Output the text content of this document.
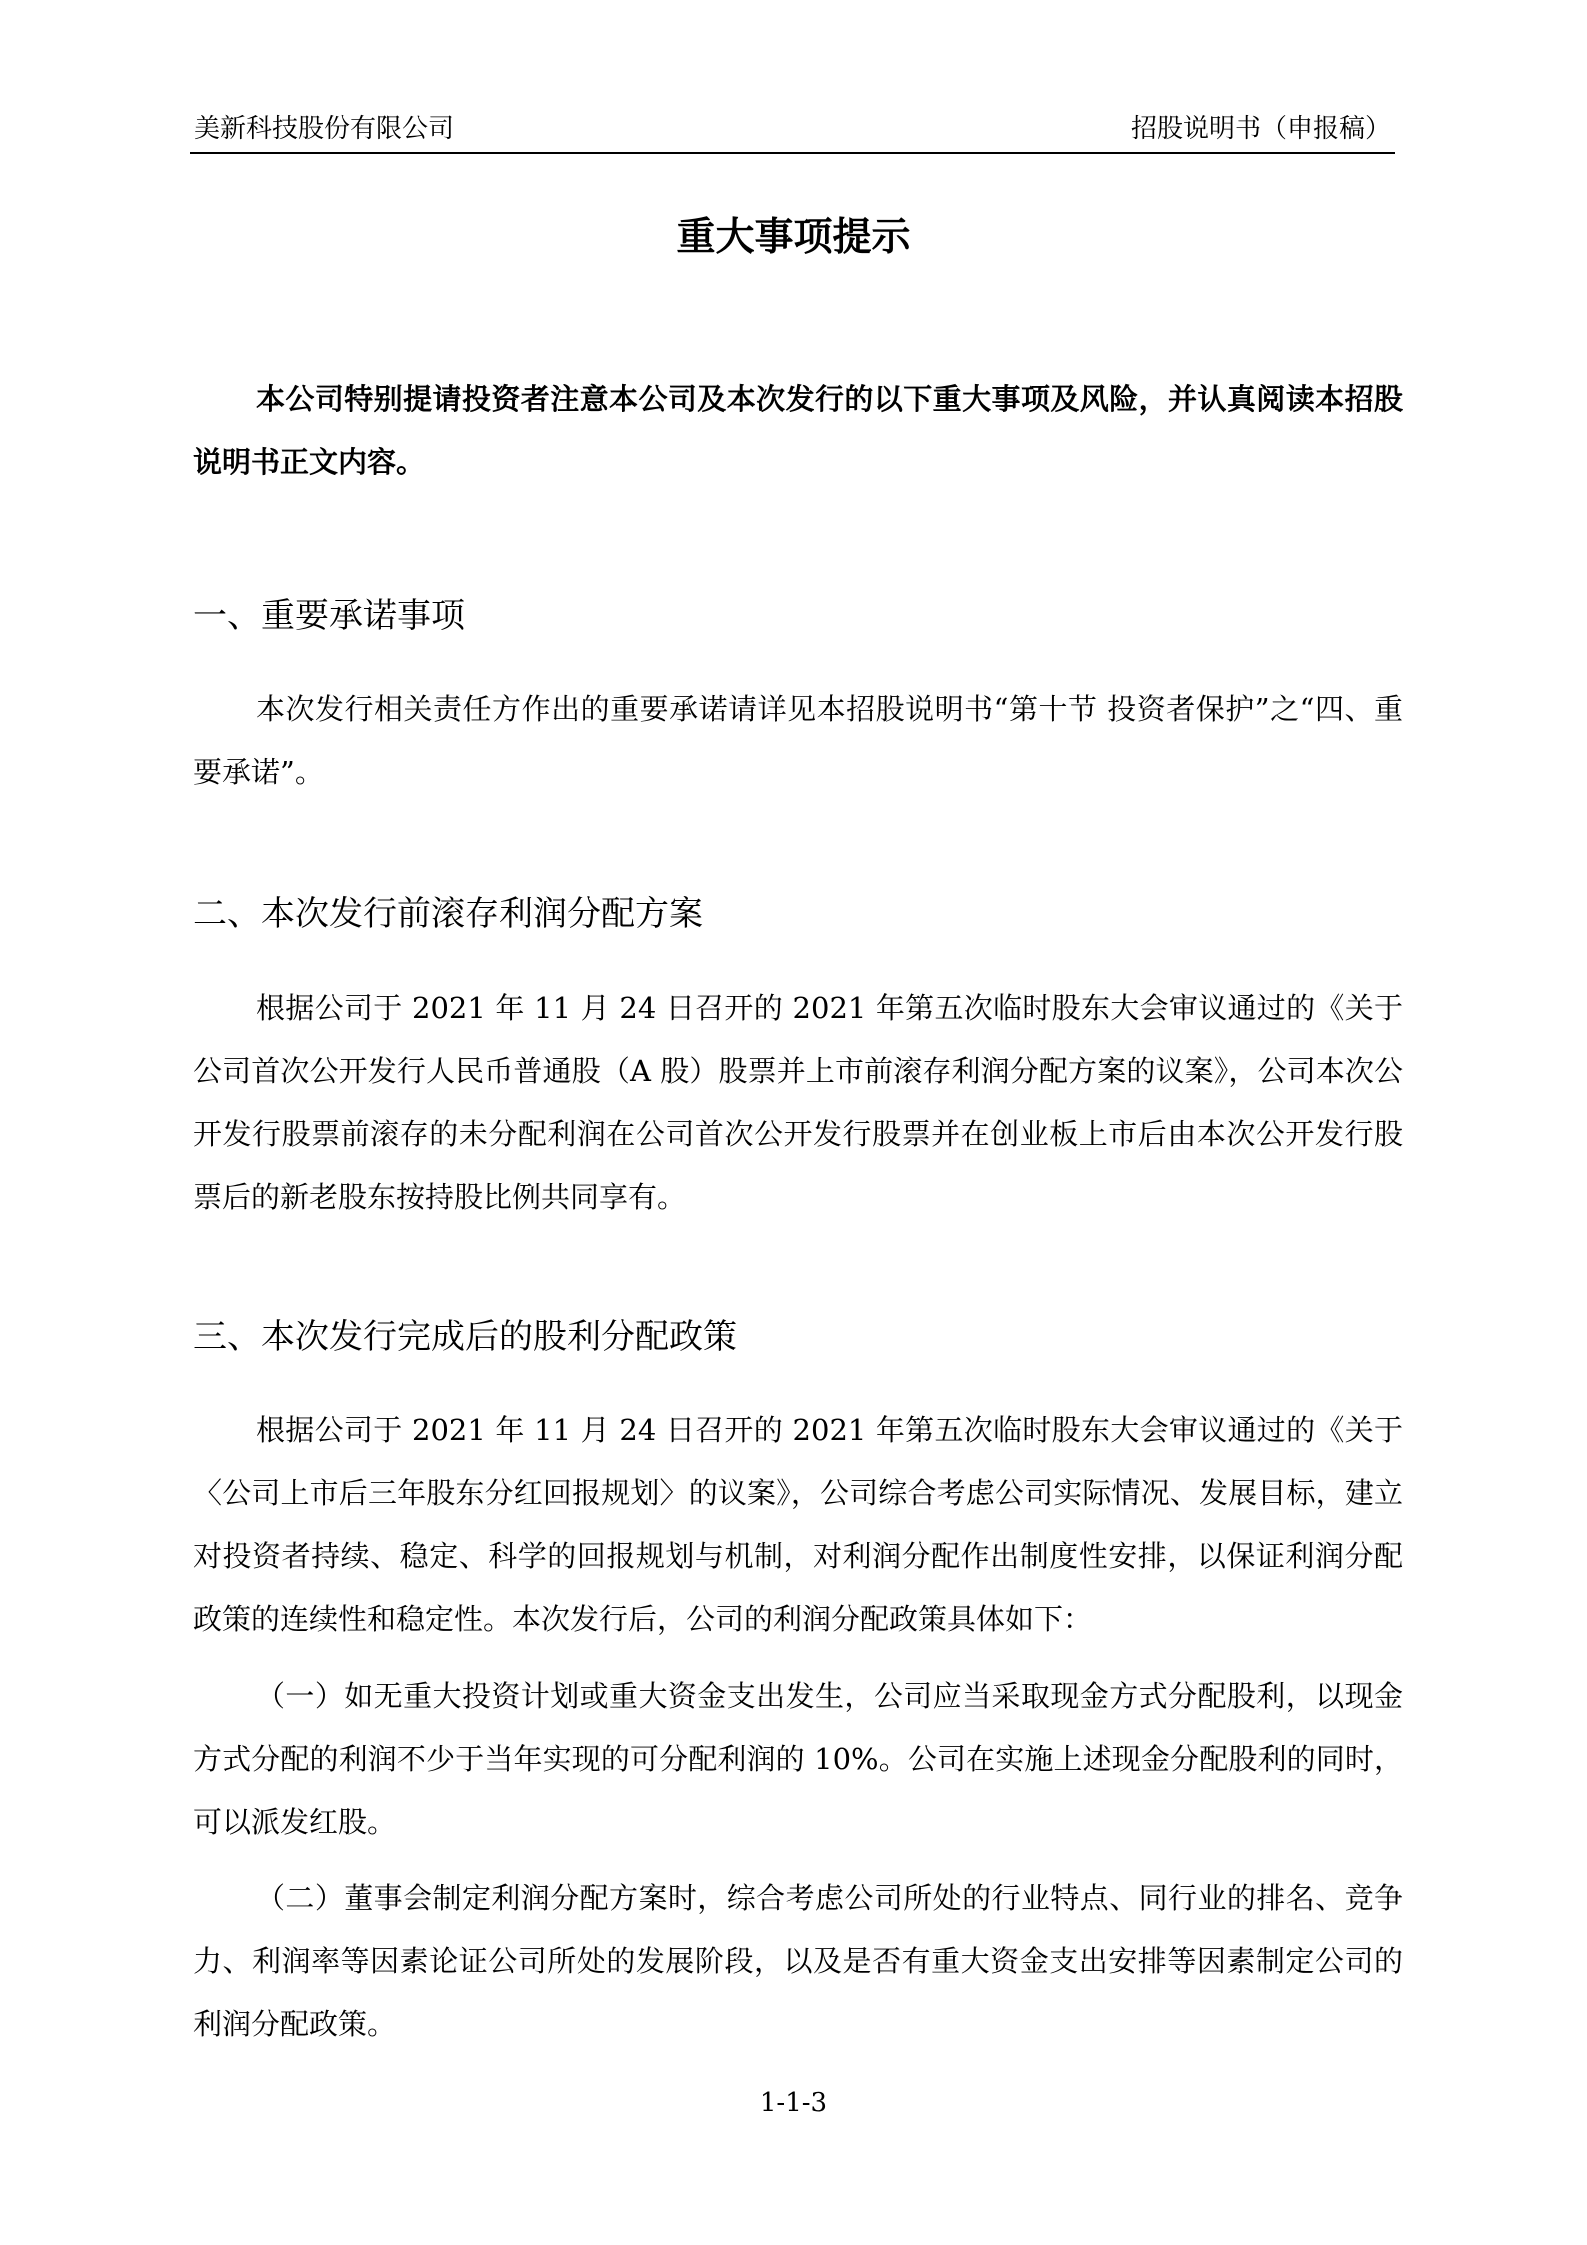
美新科技股份有限公司	招股说明书（申报稿）
重大事项提示

本公司特别提请投资者注意本公司及本次发行的以下重大事项及风险，并认真阅读本招股说明书正文内容。

一、重要承诺事项

本次发行相关责任方作出的重要承诺请详见本招股说明书“第十节 投资者保护”之“四、重要承诺”。

二、本次发行前滚存利润分配方案

根据公司于 2021 年 11 月 24 日召开的 2021 年第五次临时股东大会审议通过的《关于公司首次公开发行人民币普通股（A 股）股票并上市前滚存利润分配方案的议案》，公司本次公开发行股票前滚存的未分配利润在公司首次公开发行股票并在创业板上市后由本次公开发行股票后的新老股东按持股比例共同享有。

三、本次发行完成后的股利分配政策

根据公司于 2021 年 11 月 24 日召开的 2021 年第五次临时股东大会审议通过的《关于〈公司上市后三年股东分红回报规划〉的议案》，公司综合考虑公司实际情况、发展目标，建立对投资者持续、稳定、科学的回报规划与机制，对利润分配作出制度性安排，以保证利润分配政策的连续性和稳定性。本次发行后，公司的利润分配政策具体如下：

（一）如无重大投资计划或重大资金支出发生，公司应当采取现金方式分配股利，以现金方式分配的利润不少于当年实现的可分配利润的 10%。公司在实施上述现金分配股利的同时，可以派发红股。

（二）董事会制定利润分配方案时，综合考虑公司所处的行业特点、同行业的排名、竞争力、利润率等因素论证公司所处的发展阶段，以及是否有重大资金支出安排等因素制定公司的利润分配政策。

1-1-3
